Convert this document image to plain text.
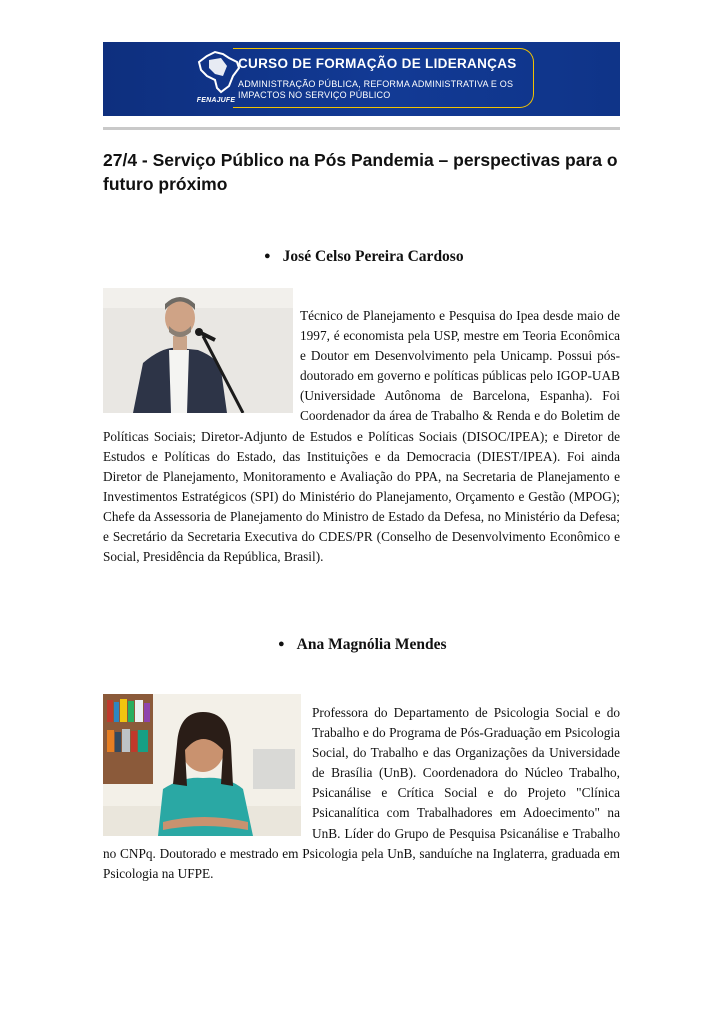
FENAJUFE
CURSO DE FORMAÇÃO DE LIDERANÇAS
ADMINISTRAÇÃO PÚBLICA, REFORMA ADMINISTRATIVA E OS IMPACTOS NO SERVIÇO PÚBLICO
27/4 - Serviço Público na Pós Pandemia – perspectivas para o futuro próximo
● José Celso Pereira Cardoso

Técnico de Planejamento e Pesquisa do Ipea desde maio de 1997, é economista pela USP, mestre em Teoria Econômica e Doutor em Desenvolvimento pela Unicamp. Possui pós-doutorado em governo e políticas públicas pelo IGOP-UAB (Universidade Autônoma de Barcelona, Espanha). Foi Coordenador da área de Trabalho & Renda e do Boletim de Políticas Sociais; Diretor-Adjunto de Estudos e Políticas Sociais (DISOC/IPEA); e Diretor de Estudos e Políticas do Estado, das Instituições e da Democracia (DIEST/IPEA). Foi ainda Diretor de Planejamento, Monitoramento e Avaliação do PPA, na Secretaria de Planejamento e Investimentos Estratégicos (SPI) do Ministério do Planejamento, Orçamento e Gestão (MPOG); Chefe da Assessoria de Planejamento do Ministro de Estado da Defesa, no Ministério da Defesa; e Secretário da Secretaria Executiva do CDES/PR (Conselho de Desenvolvimento Econômico e Social, Presidência da República, Brasil).

● Ana Magnólia Mendes

Professora do Departamento de Psicologia Social e do Trabalho e do Programa de Pós-Graduação em Psicologia Social, do Trabalho e das Organizações da Universidade de Brasília (UnB). Coordenadora do Núcleo Trabalho, Psicanálise e Crítica Social e do Projeto "Clínica Psicanalítica com Trabalhadores em Adoecimento" na UnB. Líder do Grupo de Pesquisa Psicanálise e Trabalho no CNPq. Doutorado e mestrado em Psicologia pela UnB, sanduíche na Inglaterra, graduada em Psicologia na UFPE.
